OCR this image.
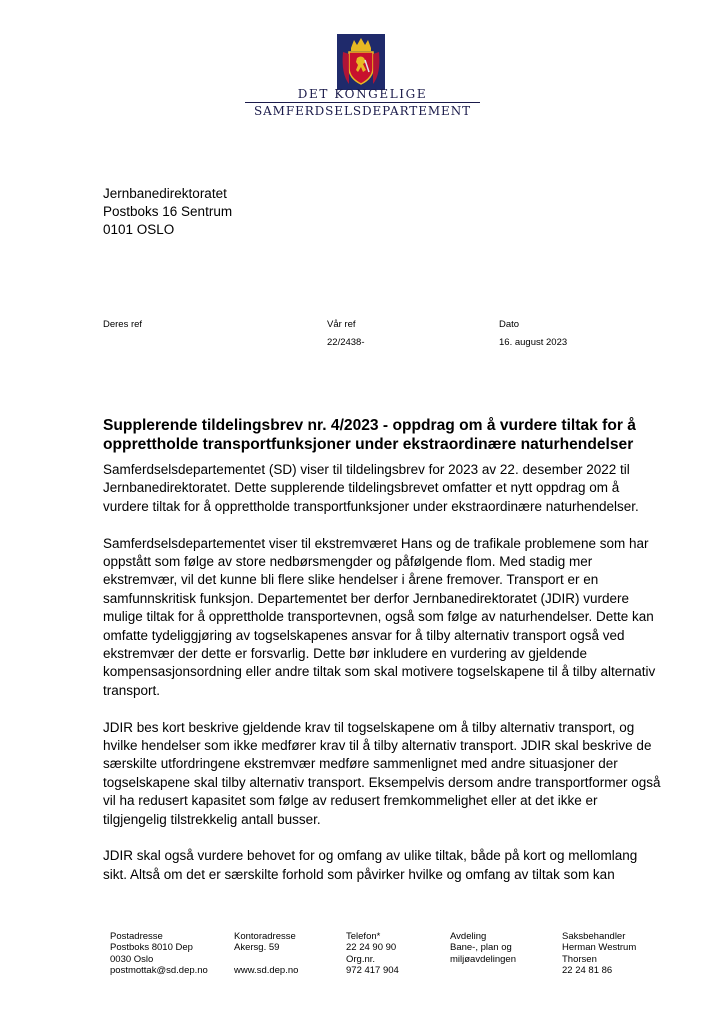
DET KONGELIGE
SAMFERDSELSDEPARTEMENT
Jernbanedirektoratet
Postboks 16 Sentrum
0101 OSLO
Deres ref	Vår ref
22/2438-
Dato
16. august 2023
Supplerende tildelingsbrev nr. 4/2023 - oppdrag om å vurdere tiltak for å opprettholde transportfunksjoner under ekstraordinære naturhendelser

Samferdselsdepartementet (SD) viser til tildelingsbrev for 2023 av 22. desember 2022 til Jernbanedirektoratet. Dette supplerende tildelingsbrevet omfatter et nytt oppdrag om å vurdere tiltak for å opprettholde transportfunksjoner under ekstraordinære naturhendelser.

Samferdselsdepartementet viser til ekstremværet Hans og de trafikale problemene som har oppstått som følge av store nedbørsmengder og påfølgende flom. Med stadig mer ekstremvær, vil det kunne bli flere slike hendelser i årene fremover. Transport er en samfunnskritisk funksjon. Departementet ber derfor Jernbanedirektoratet (JDIR) vurdere mulige tiltak for å opprettholde transportevnen, også som følge av naturhendelser. Dette kan omfatte tydeliggjøring av togselskapenes ansvar for å tilby alternativ transport også ved ekstremvær der dette er forsvarlig. Dette bør inkludere en vurdering av gjeldende kompensasjonsordning eller andre tiltak som skal motivere togselskapene til å tilby alternativ transport.

JDIR bes kort beskrive gjeldende krav til togselskapene om å tilby alternativ transport, og hvilke hendelser som ikke medfører krav til å tilby alternativ transport. JDIR skal beskrive de særskilte utfordringene ekstremvær medføre sammenlignet med andre situasjoner der togselskapene skal tilby alternativ transport. Eksempelvis dersom andre transportformer også vil ha redusert kapasitet som følge av redusert fremkommelighet eller at det ikke er tilgjengelig tilstrekkelig antall busser.

JDIR skal også vurdere behovet for og omfang av ulike tiltak, både på kort og mellomlang sikt. Altså om det er særskilte forhold som påvirker hvilke og omfang av tiltak som kan

Postadresse
Postboks 8010 Dep
0030 Oslo
postmottak@sd.dep.no
Kontoradresse
Akersg. 59

www.sd.dep.no
Telefon*
22 24 90 90
Org.nr.
972 417 904
Avdeling
Bane-, plan og
miljøavdelingen
Saksbehandler
Herman Westrum
Thorsen
22 24 81 86
